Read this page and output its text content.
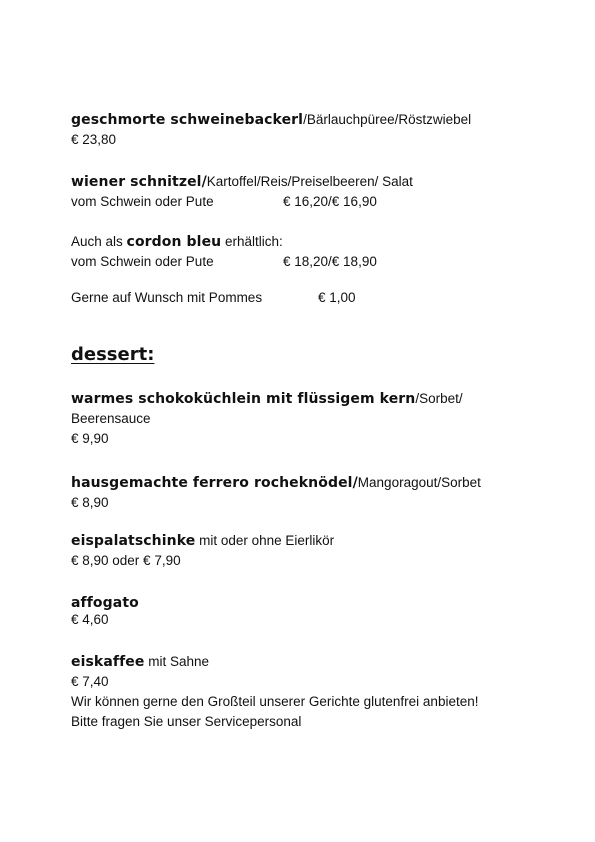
geschmorte schweinebackerl/Bärlauchpüree/Röstzwiebel
€ 23,80
wiener schnitzel/Kartoffel/Reis/Preiselbeeren/ Salat
vom Schwein oder Pute	€ 16,20/€ 16,90
Auch als cordon bleu erhältlich:
vom Schwein oder Pute	€ 18,20/€ 18,90
Gerne auf Wunsch mit Pommes	€ 1,00
dessert:
warmes schokoküchlein mit flüssigem kern/Sorbet/
Beerensauce
€ 9,90
hausgemachte ferrero rocheknödel/Mangoragout/Sorbet
€ 8,90
eispalatschinke mit oder ohne Eierlikör
€ 8,90 oder € 7,90
affogato
€ 4,60
eiskaffee mit Sahne
€ 7,40
Wir können gerne den Großteil unserer Gerichte glutenfrei anbieten!
Bitte fragen Sie unser Servicepersonal
